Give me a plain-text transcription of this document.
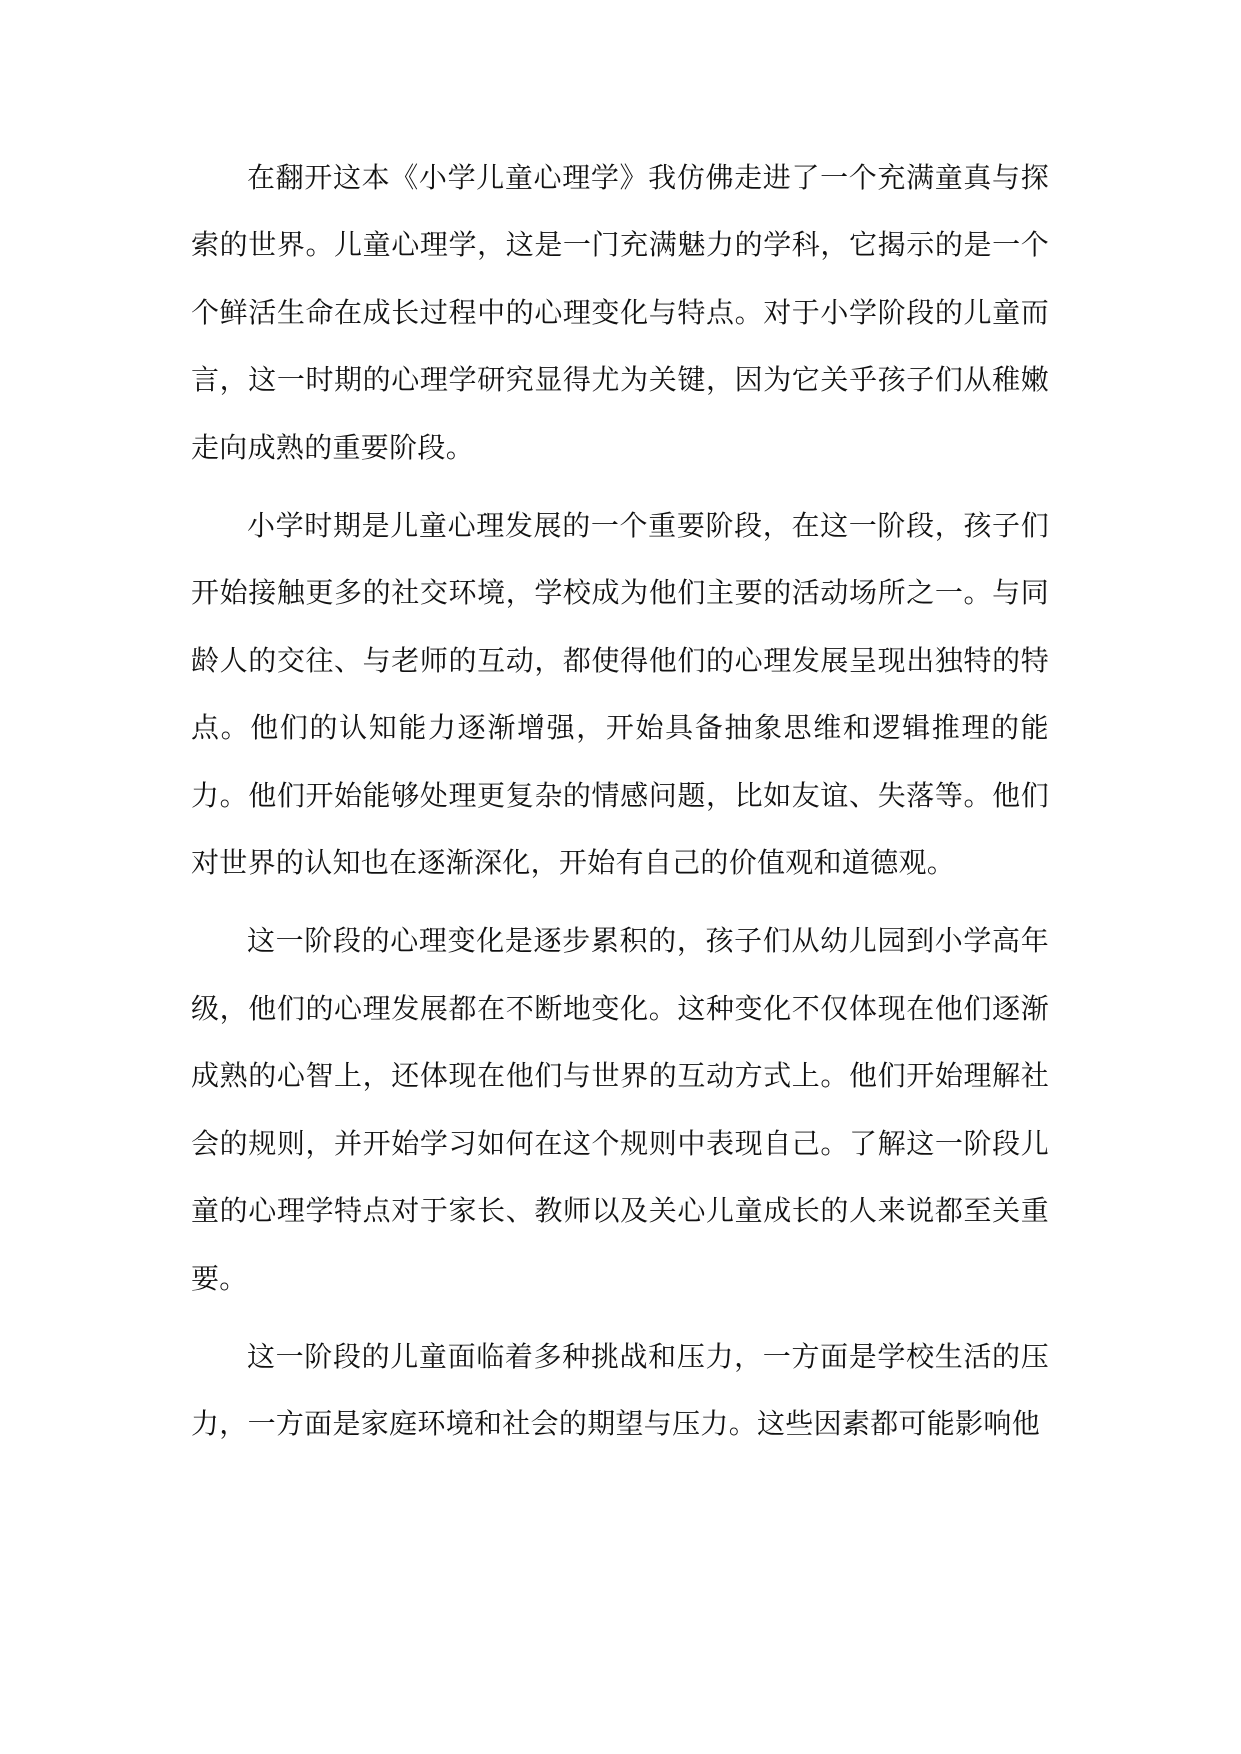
在翻开这本《小学儿童心理学》我仿佛走进了一个充满童真与探索的世界。儿童心理学，这是一门充满魅力的学科，它揭示的是一个个鲜活生命在成长过程中的心理变化与特点。对于小学阶段的儿童而言，这一时期的心理学研究显得尤为关键，因为它关乎孩子们从稚嫩走向成熟的重要阶段。

小学时期是儿童心理发展的一个重要阶段，在这一阶段，孩子们开始接触更多的社交环境，学校成为他们主要的活动场所之一。与同龄人的交往、与老师的互动，都使得他们的心理发展呈现出独特的特点。他们的认知能力逐渐增强，开始具备抽象思维和逻辑推理的能力。他们开始能够处理更复杂的情感问题，比如友谊、失落等。他们对世界的认知也在逐渐深化，开始有自己的价值观和道德观。

这一阶段的心理变化是逐步累积的，孩子们从幼儿园到小学高年级，他们的心理发展都在不断地变化。这种变化不仅体现在他们逐渐成熟的心智上，还体现在他们与世界的互动方式上。他们开始理解社会的规则，并开始学习如何在这个规则中表现自己。了解这一阶段儿童的心理学特点对于家长、教师以及关心儿童成长的人来说都至关重要。

这一阶段的儿童面临着多种挑战和压力，一方面是学校生活的压力，一方面是家庭环境和社会的期望与压力。这些因素都可能影响他
